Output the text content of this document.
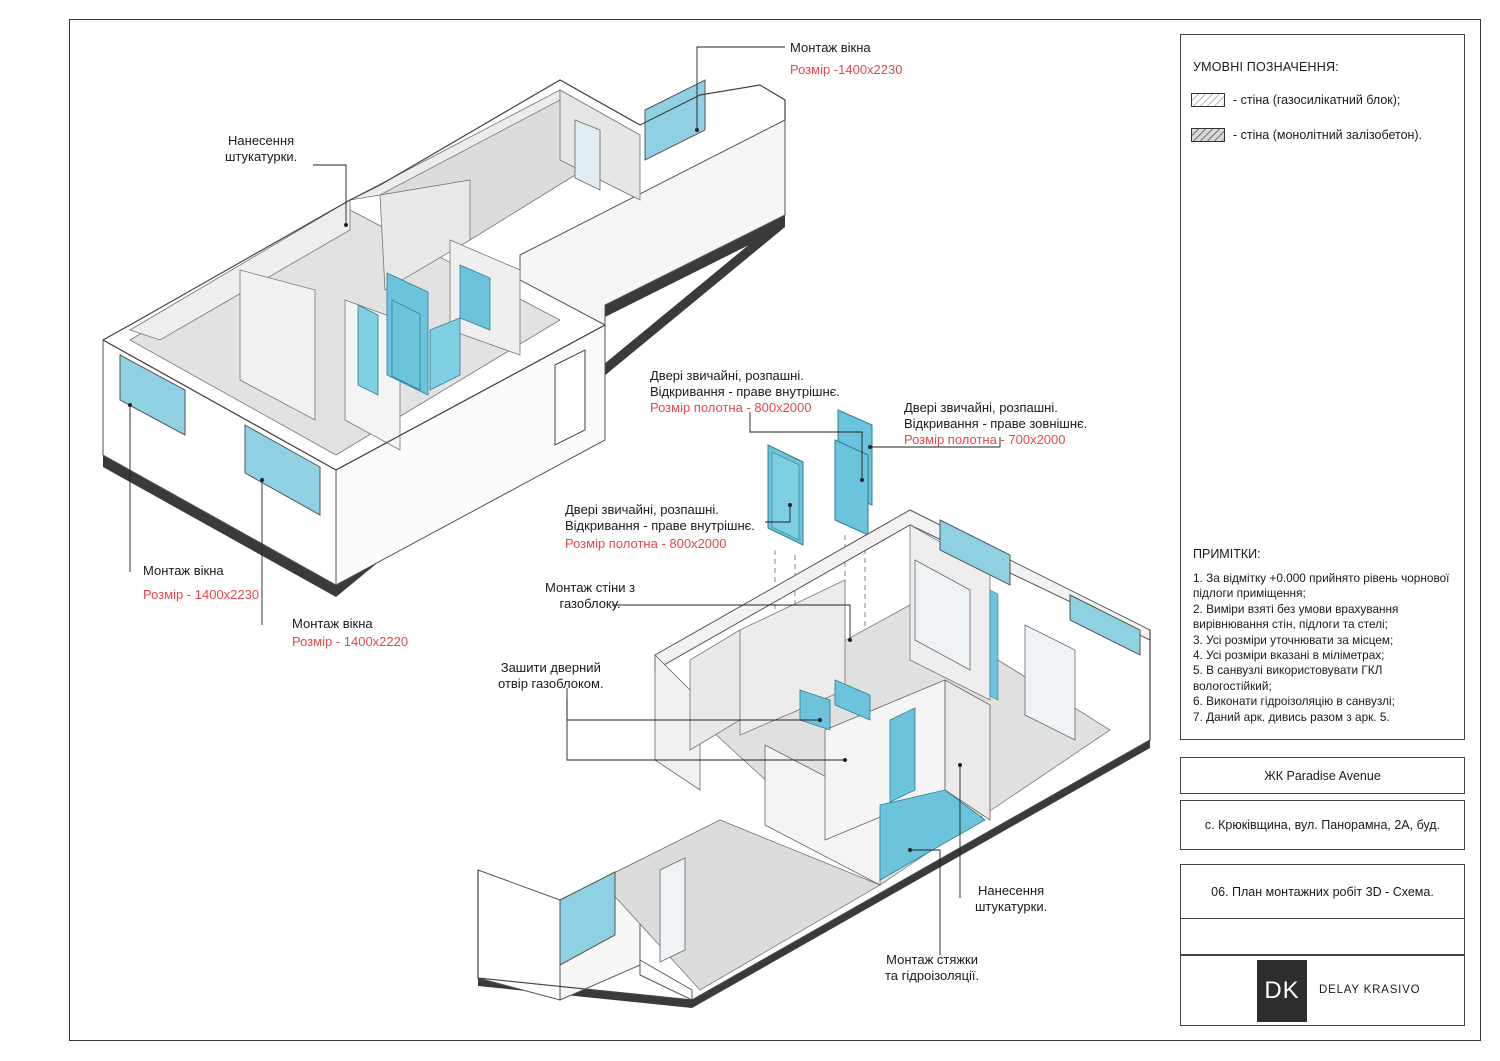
Монтаж вікна
Розмір -1400x2230
Нанесення
штукатурки.
Монтаж вікна
Розмір - 1400x2230
Монтаж вікна
Розмір - 1400x2220
Двері звичайні, розпашні.
Відкривання - праве внутрішнє.
Розмір полотна - 800x2000	Двері звичайні, розпашні.
Відкривання - праве зовнішнє.
Розмір полотна - 700x2000
Двері звичайні, розпашні.
Відкривання - праве внутрішнє.
Розмір полотна - 800x2000
Монтаж стіни з
газоблоку.
Зашити дверний
отвір газоблоком.
Нанесення
штукатурки.
Монтаж стяжки
та гідроізоляції.
УМОВНІ ПОЗНАЧЕННЯ:
- стіна (газосилікатний блок);
- стіна (монолітний залізобетон).
ПРИМІТКИ:
1. За відмітку +0.000 прийнято рівень чорнової підлоги приміщення;
2. Виміри взяті без умови врахування вирівнювання стін, підлоги та стелі;
3. Усі розміри уточнювати за місцем;
4. Усі розміри вказані в міліметрах;
5. В санвузлі використовувати ГКЛ вологостійкий;
6. Виконати гідроізоляцію в санвузлі;
7. Даний арк. дивись разом з арк. 5.
ЖК Paradise Avenue
с. Крюківщина, вул. Панорамна, 2А, буд.
06. План монтажних робіт 3D - Схема.
DK	DELAY KRASIVO
